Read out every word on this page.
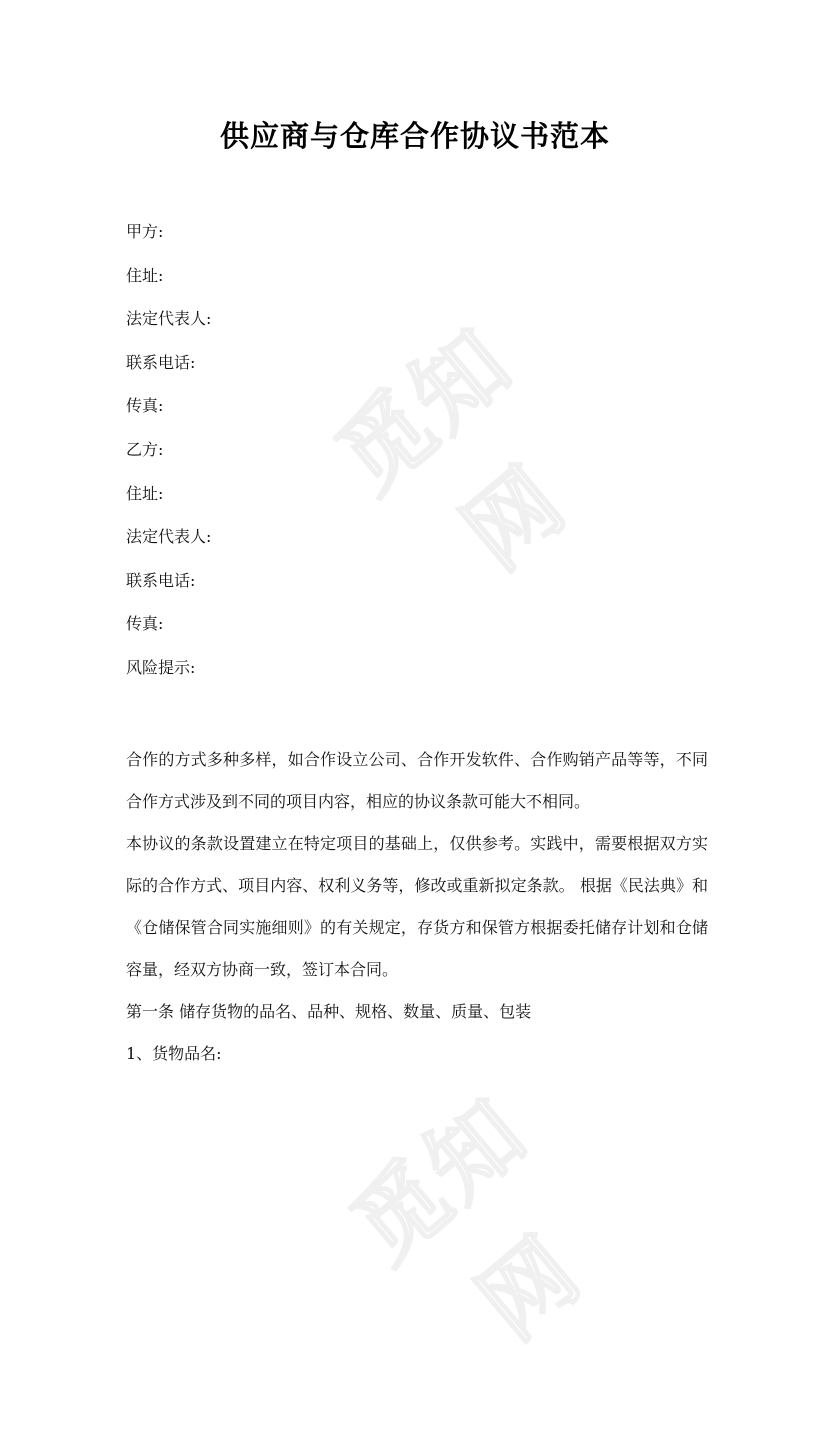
觅知网
觅知网
供应商与仓库合作协议书范本
甲方:
住址:
法定代表人:
联系电话:
传真:
乙方:
住址:
法定代表人:
联系电话:
传真:
风险提示:

合作的方式多种多样，如合作设立公司、合作开发软件、合作购销产品等等，不同合作方式涉及到不同的项目内容，相应的协议条款可能大不相同。

本协议的条款设置建立在特定项目的基础上，仅供参考。实践中，需要根据双方实际的合作方式、项目内容、权利义务等，修改或重新拟定条款。 根据《民法典》和《仓储保管合同实施细则》的有关规定，存货方和保管方根据委托储存计划和仓储容量，经双方协商一致，签订本合同。

第一条 储存货物的品名、品种、规格、数量、质量、包装

1、货物品名:
